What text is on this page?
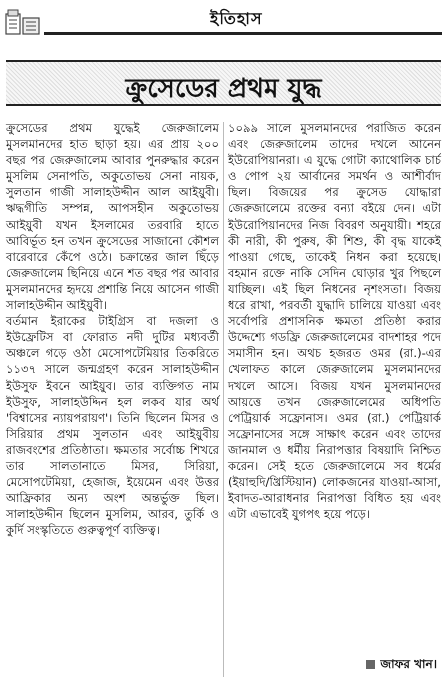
ইতিহাস
ক্রুসেডের প্রথম যুদ্ধ

ক্রুসেডের প্রথম যুদ্ধেই জেরুজালেম মুসলমানদের হাত ছাড়া হয়। এর প্রায় ২০০ বছর পর জেরুজালেম আবার পুনরুদ্ধার করেন মুসলিম সেনাপতি, অকুতোভয় সেনা নায়ক, সুলতান গাজী সালাহউদ্দীন আল আইয়ুবী। ঋদ্ধগীতি সম্পন্ন, আপসহীন অকুতোভয় আইয়ুবী যখন ইসলামের তরবারি হাতে আবির্ভূত হন তখন ক্রুসেডের সাজানো কৌশল বারেবারে কেঁপে ওঠে। চক্রান্তের জাল ছিঁড়ে জেরুজালেম ছিনিয়ে এনে শত বছর পর আবার মুসলমানদের হৃদয়ে প্রশান্তি নিয়ে আসেন গাজী সালাহউদ্দীন আইয়ুবী।

বর্তমান ইরাকের টাইগ্রিস বা দজলা ও ইউফ্রেটিস বা ফোরাত নদী দুটির মধ্যবর্তী অঞ্চলে গড়ে ওঠা মেসোপটেমিয়ার তিকরিতে ১১৩৭ সালে জন্মগ্রহণ করেন সালাহউদ্দীন ইউসুফ ইবনে আইয়ুব। তার ব্যক্তিগত নাম ইউসুফ, সালাহউদ্দিন হল লকব যার অর্থ 'বিশ্বাসের ন্যায়পরায়ণ'। তিনি ছিলেন মিসর ও সিরিয়ার প্রথম সুলতান এবং আইয়ুবীয় রাজবংশের প্রতিষ্ঠাতা। ক্ষমতার সর্বোচ্চ শিখরে তার সালতানাতে মিসর, সিরিয়া, মেসোপটেমিয়া, হেজাজ, ইয়েমেন এবং উত্তর আফ্রিকার অন্য অংশ অন্তর্ভুক্ত ছিল। সালাহউদ্দীন ছিলেন মুসলিম, আরব, তুর্কি ও কুর্দি সংস্কৃতিতে গুরুত্বপূর্ণ ব্যক্তিত্ব।

১০৯৯ সালে মুসলমানদের পরাজিত করেন এবং জেরুজালেম তাদের দখলে আনেন ইউরোপিয়ানরা। এ যুদ্ধে গোটা ক্যাথোলিক চার্চ ও পোপ ২য় আর্বানের সমর্থন ও আশীর্বাদ ছিল। বিজয়ের পর ক্রুসেড যোদ্ধারা জেরুজালেমে রক্তের বন্যা বইয়ে দেন। এটা ইউরোপিয়ানদের নিজ বিবরণ অনুযায়ী। শহরে কী নারী, কী পুরুষ, কী শিশু, কী বৃদ্ধ যাকেই পাওয়া গেছে, তাকেই নিধন করা হয়েছে। বহমান রক্তে নাকি সেদিন ঘোড়ার খুর পিছলে যাচ্ছিল। এই ছিল নিধনের নৃশংসতা। বিজয় ধরে রাখা, পরবর্তী যুদ্ধাদি চালিয়ে যাওয়া এবং সর্বোপরি প্রশাসনিক ক্ষমতা প্রতিষ্ঠা করার উদ্দেশ্যে গডফ্রি জেরুজালেমের বাদশাহর পদে সমাসীন হন। অথচ হজরত ওমর (রা.)-এর খেলাফত কালে জেরুজালেম মুসলমানদের দখলে আসে। বিজয় যখন মুসলমানদের আয়ত্তে তখন জেরুজালেমের অধিপতি পেট্রিয়ার্ক সফ্রোনাস। ওমর (রা.) পেট্রিয়ার্ক সফ্রোনাসের সঙ্গে সাক্ষাৎ করেন এবং তাদের জানমাল ও ধর্মীয় নিরাপত্তার বিষয়াদি নিশ্চিত করেন। সেই হতে জেরুজালেমে সব ধর্মের (ইয়াহুদি/খ্রিস্টিয়ান) লোকজনের যাওয়া-আসা, ইবাদত-আরাধনার নিরাপত্তা বিধিত হয় এবং এটা এভাবেই যুগপৎ হয়ে পড়ে।

জাফর খান।
